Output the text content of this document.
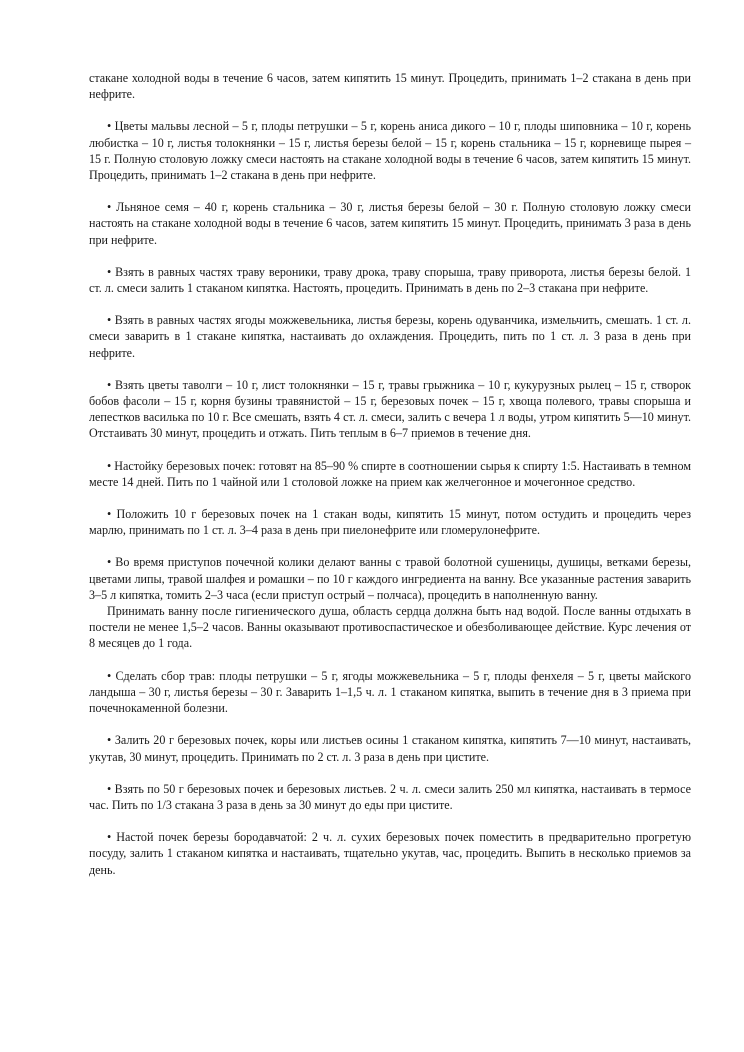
стакане холодной воды в течение 6 часов, затем кипятить 15 минут. Процедить, принимать 1–2 стакана в день при нефрите.

• Цветы мальвы лесной – 5 г, плоды петрушки – 5 г, корень аниса дикого – 10 г, плоды шиповника – 10 г, корень любистка – 10 г, листья толокнянки – 15 г, листья березы белой – 15 г, корень стальника – 15 г, корневище пырея – 15 г. Полную столовую ложку смеси настоять на стакане холодной воды в течение 6 часов, затем кипятить 15 минут. Процедить, принимать 1–2 стакана в день при нефрите.

• Льняное семя – 40 г, корень стальника – 30 г, листья березы белой – 30 г. Полную столовую ложку смеси настоять на стакане холодной воды в течение 6 часов, затем кипятить 15 минут. Процедить, принимать 3 раза в день при нефрите.

• Взять в равных частях траву вероники, траву дрока, траву спорыша, траву приворота, листья березы белой. 1 ст. л. смеси залить 1 стаканом кипятка. Настоять, процедить. Принимать в день по 2–3 стакана при нефрите.

• Взять в равных частях ягоды можжевельника, листья березы, корень одуванчика, измельчить, смешать. 1 ст. л. смеси заварить в 1 стакане кипятка, настаивать до охлаждения. Процедить, пить по 1 ст. л. 3 раза в день при нефрите.

• Взять цветы таволги – 10 г, лист толокнянки – 15 г, травы грыжника – 10 г, кукурузных рылец – 15 г, створок бобов фасоли – 15 г, корня бузины травянистой – 15 г, березовых почек – 15 г, хвоща полевого, травы спорыша и лепестков василька по 10 г. Все смешать, взять 4 ст. л. смеси, залить с вечера 1 л воды, утром кипятить 5—10 минут. Отстаивать 30 минут, процедить и отжать. Пить теплым в 6–7 приемов в течение дня.

• Настойку березовых почек: готовят на 85–90 % спирте в соотношении сырья к спирту 1:5. Настаивать в темном месте 14 дней. Пить по 1 чайной или 1 столовой ложке на прием как желчегонное и мочегонное средство.

• Положить 10 г березовых почек на 1 стакан воды, кипятить 15 минут, потом остудить и процедить через марлю, принимать по 1 ст. л. 3–4 раза в день при пиелонефрите или гломерулонефрите.

• Во время приступов почечной колики делают ванны с травой болотной сушеницы, душицы, ветками березы, цветами липы, травой шалфея и ромашки – по 10 г каждого ингредиента на ванну. Все указанные растения заварить 3–5 л кипятка, томить 2–3 часа (если приступ острый – полчаса), процедить в наполненную ванну.

Принимать ванну после гигиенического душа, область сердца должна быть над водой. После ванны отдыхать в постели не менее 1,5–2 часов. Ванны оказывают противоспастическое и обезболивающее действие. Курс лечения от 8 месяцев до 1 года.

• Сделать сбор трав: плоды петрушки – 5 г, ягоды можжевельника – 5 г, плоды фенхеля – 5 г, цветы майского ландыша – 30 г, листья березы – 30 г. Заварить 1–1,5 ч. л. 1 стаканом кипятка, выпить в течение дня в 3 приема при почечнокаменной болезни.

• Залить 20 г березовых почек, коры или листьев осины 1 стаканом кипятка, кипятить 7—10 минут, настаивать, укутав, 30 минут, процедить. Принимать по 2 ст. л. 3 раза в день при цистите.

• Взять по 50 г березовых почек и березовых листьев. 2 ч. л. смеси залить 250 мл кипятка, настаивать в термосе час. Пить по 1/3 стакана 3 раза в день за 30 минут до еды при цистите.

• Настой почек березы бородавчатой: 2 ч. л. сухих березовых почек поместить в предварительно прогретую посуду, залить 1 стаканом кипятка и настаивать, тщательно укутав, час, процедить. Выпить в несколько приемов за день.
